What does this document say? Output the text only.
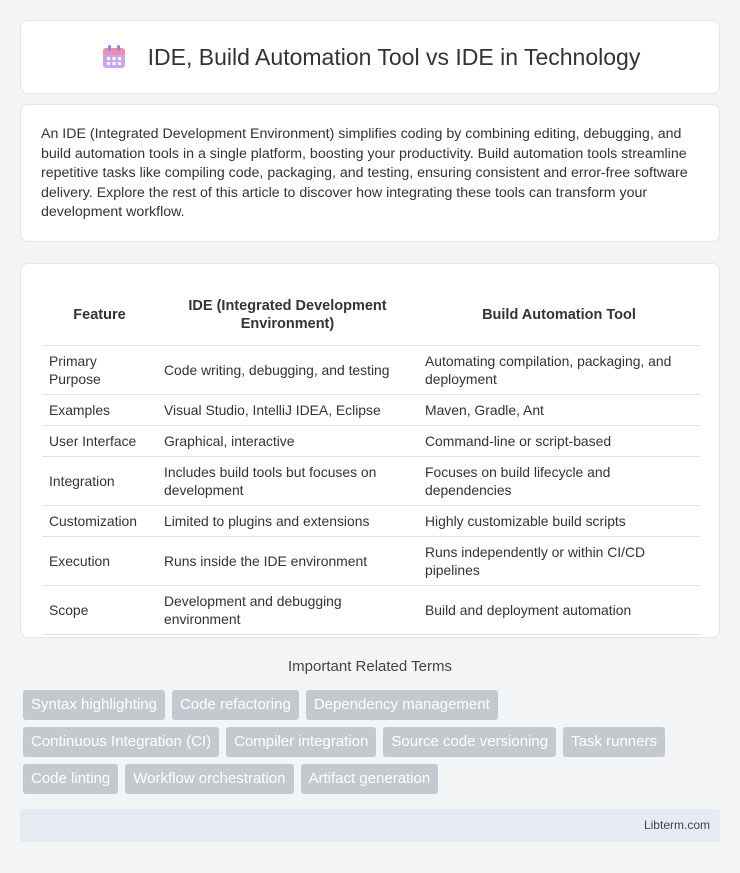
IDE, Build Automation Tool vs IDE in Technology

An IDE (Integrated Development Environment) simplifies coding by combining editing, debugging, and build automation tools in a single platform, boosting your productivity. Build automation tools streamline repetitive tasks like compiling code, packaging, and testing, ensuring consistent and error-free software delivery. Explore the rest of this article to discover how integrating these tools can transform your development workflow.

Feature	IDE (Integrated Development Environment)	Build Automation Tool
Primary Purpose	Code writing, debugging, and testing	Automating compilation, packaging, and deployment
Examples	Visual Studio, IntelliJ IDEA, Eclipse	Maven, Gradle, Ant
User Interface	Graphical, interactive	Command-line or script-based
Integration	Includes build tools but focuses on development	Focuses on build lifecycle and dependencies
Customization	Limited to plugins and extensions	Highly customizable build scripts
Execution	Runs inside the IDE environment	Runs independently or within CI/CD pipelines
Scope	Development and debugging environment	Build and deployment automation
Important Related Terms
Syntax highlighting	Code refactoring	Dependency management
Continuous Integration (CI)	Compiler integration	Source code versioning	Task runners
Code linting	Workflow orchestration	Artifact generation
Libterm.com
